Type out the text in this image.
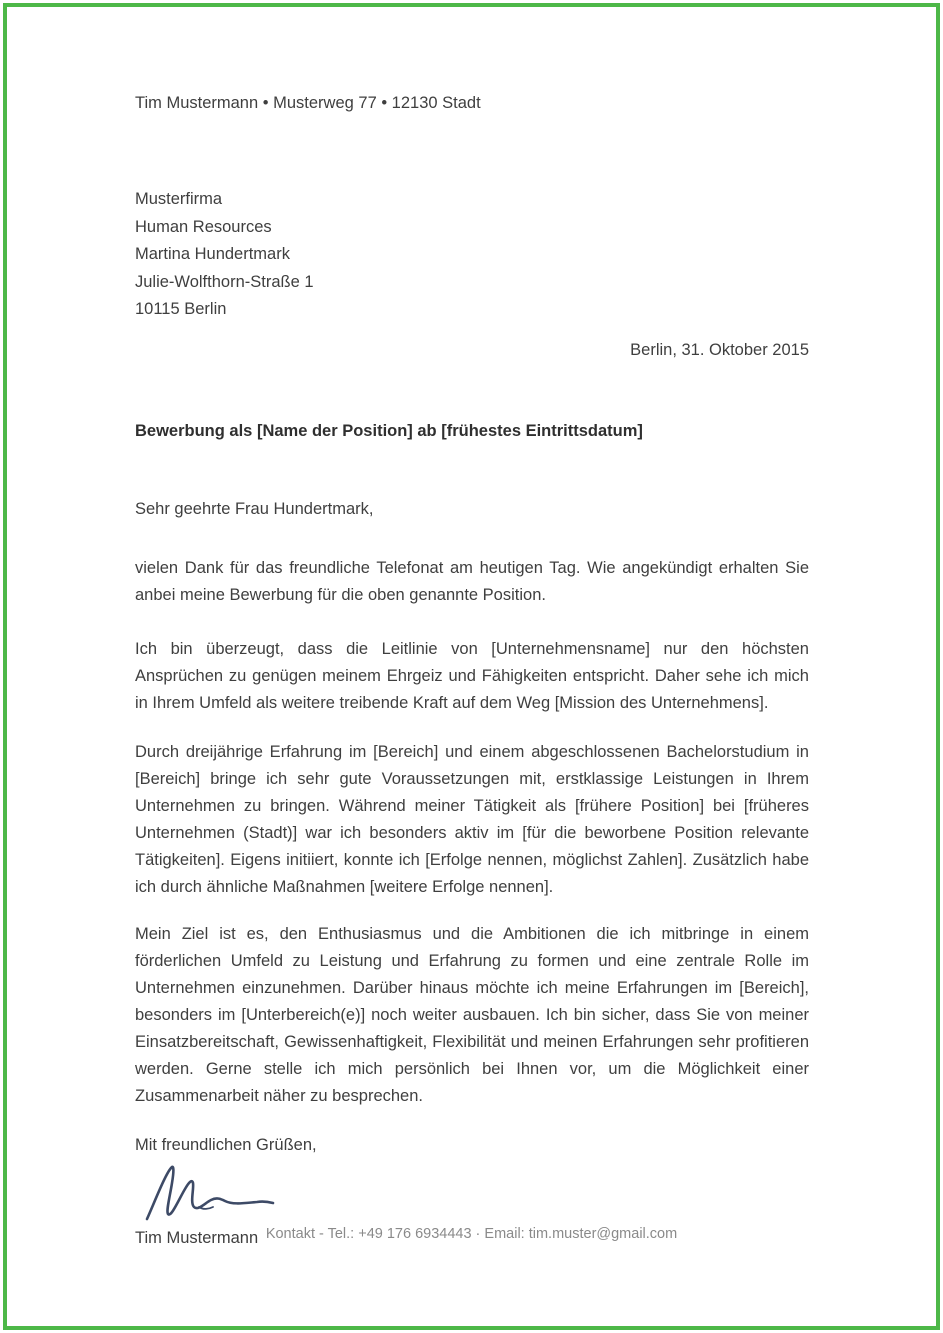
Tim Mustermann • Musterweg 77 • 12130 Stadt
Musterfirma
Human Resources
Martina Hundertmark
Julie-Wolfthorn-Straße 1
10115 Berlin
Berlin, 31. Oktober 2015
Bewerbung als [Name der Position] ab [frühestes Eintrittsdatum]
Sehr geehrte Frau Hundertmark,

vielen Dank für das freundliche Telefonat am heutigen Tag. Wie angekündigt erhalten Sie anbei meine Bewerbung für die oben genannte Position.

Ich bin überzeugt, dass die Leitlinie von [Unternehmensname] nur den höchsten Ansprüchen zu genügen meinem Ehrgeiz und Fähigkeiten entspricht. Daher sehe ich mich in Ihrem Umfeld als weitere treibende Kraft auf dem Weg [Mission des Unternehmens].

Durch dreijährige Erfahrung im [Bereich] und einem abgeschlossenen Bachelorstudium in [Bereich] bringe ich sehr gute Voraussetzungen mit, erstklassige Leistungen in Ihrem Unternehmen zu bringen. Während meiner Tätigkeit als [frühere Position] bei [früheres Unternehmen (Stadt)] war ich besonders aktiv im [für die beworbene Position relevante Tätigkeiten]. Eigens initiiert, konnte ich [Erfolge nennen, möglichst Zahlen]. Zusätzlich habe ich durch ähnliche Maßnahmen [weitere Erfolge nennen].

Mein Ziel ist es, den Enthusiasmus und die Ambitionen die ich mitbringe in einem förderlichen Umfeld zu Leistung und Erfahrung zu formen und eine zentrale Rolle im Unternehmen einzunehmen. Darüber hinaus möchte ich meine Erfahrungen im [Bereich], besonders im [Unterbereich(e)] noch weiter ausbauen. Ich bin sicher, dass Sie von meiner Einsatzbereitschaft, Gewissenhaftigkeit, Flexibilität und meinen Erfahrungen sehr profitieren werden. Gerne stelle ich mich persönlich bei Ihnen vor, um die Möglichkeit einer Zusammenarbeit näher zu besprechen.

Mit freundlichen Grüßen,
Tim Mustermann Kontakt - Tel.: +49 176 6934443 · Email: tim.muster@gmail.com
